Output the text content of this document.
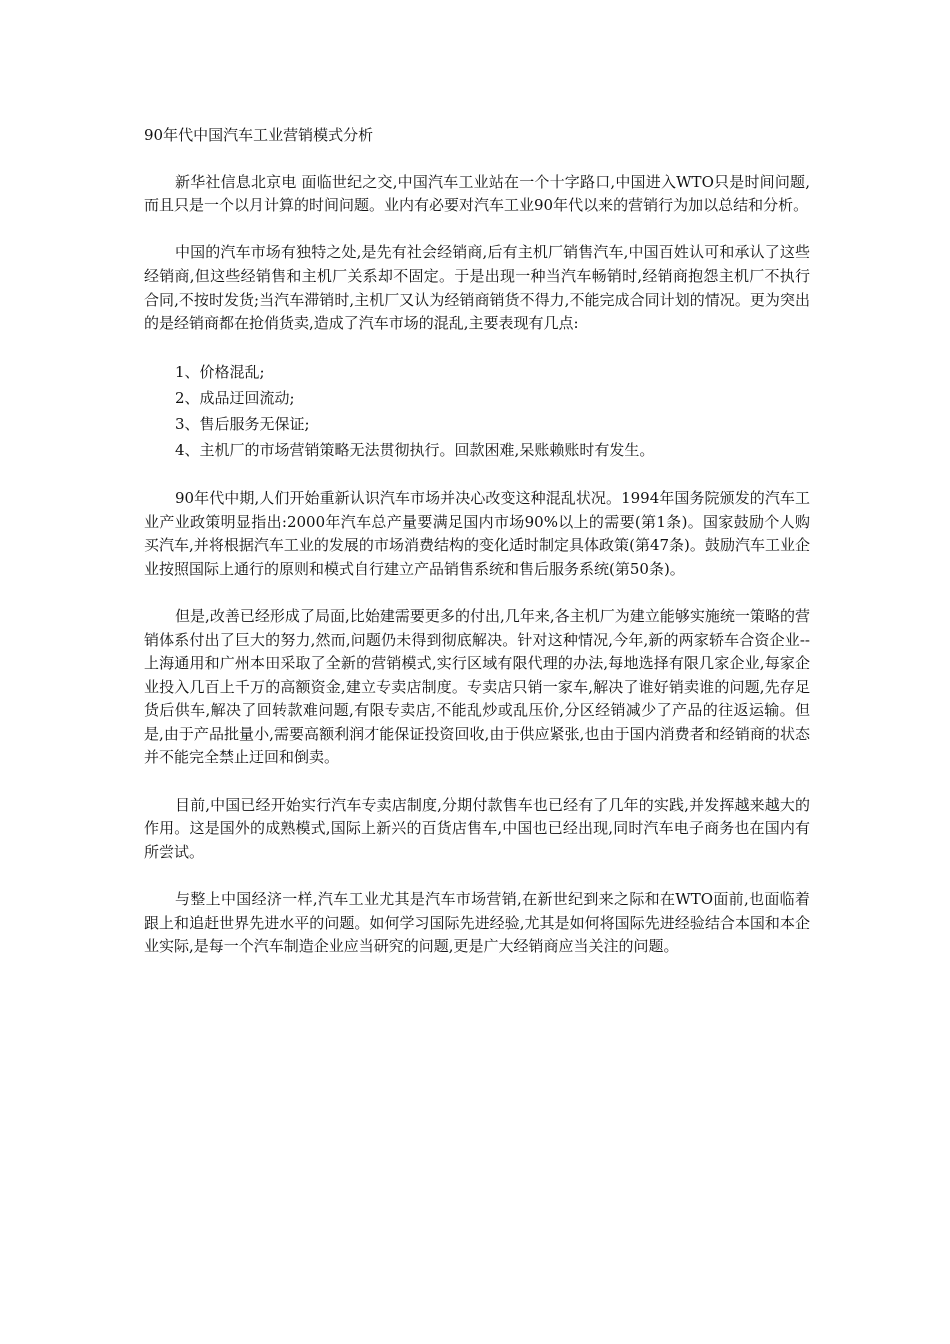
90年代中国汽车工业营销模式分析

新华社信息北京电 面临世纪之交,中国汽车工业站在一个十字路口,中国进入WTO只是时间问题,而且只是一个以月计算的时间问题。业内有必要对汽车工业90年代以来的营销行为加以总结和分析。

中国的汽车市场有独特之处,是先有社会经销商,后有主机厂销售汽车,中国百姓认可和承认了这些经销商,但这些经销售和主机厂关系却不固定。于是出现一种当汽车畅销时,经销商抱怨主机厂不执行合同,不按时发货;当汽车滞销时,主机厂又认为经销商销货不得力,不能完成合同计划的情况。更为突出的是经销商都在抢俏货卖,造成了汽车市场的混乱,主要表现有几点:

1、价格混乱;
2、成品迂回流动;
3、售后服务无保证;
4、主机厂的市场营销策略无法贯彻执行。回款困难,呆账赖账时有发生。

90年代中期,人们开始重新认识汽车市场并决心改变这种混乱状况。1994年国务院颁发的汽车工业产业政策明显指出:2000年汽车总产量要满足国内市场90%以上的需要(第1条)。国家鼓励个人购买汽车,并将根据汽车工业的发展的市场消费结构的变化适时制定具体政策(第47条)。鼓励汽车工业企业按照国际上通行的原则和模式自行建立产品销售系统和售后服务系统(第50条)。

但是,改善已经形成了局面,比始建需要更多的付出,几年来,各主机厂为建立能够实施统一策略的营销体系付出了巨大的努力,然而,问题仍未得到彻底解决。针对这种情况,今年,新的两家轿车合资企业--上海通用和广州本田采取了全新的营销模式,实行区域有限代理的办法,每地选择有限几家企业,每家企业投入几百上千万的高额资金,建立专卖店制度。专卖店只销一家车,解决了谁好销卖谁的问题,先存足货后供车,解决了回转款难问题,有限专卖店,不能乱炒或乱压价,分区经销减少了产品的往返运输。但是,由于产品批量小,需要高额利润才能保证投资回收,由于供应紧张,也由于国内消费者和经销商的状态并不能完全禁止迂回和倒卖。

目前,中国已经开始实行汽车专卖店制度,分期付款售车也已经有了几年的实践,并发挥越来越大的作用。这是国外的成熟模式,国际上新兴的百货店售车,中国也已经出现,同时汽车电子商务也在国内有所尝试。

与整上中国经济一样,汽车工业尤其是汽车市场营销,在新世纪到来之际和在WTO面前,也面临着跟上和追赶世界先进水平的问题。如何学习国际先进经验,尤其是如何将国际先进经验结合本国和本企业实际,是每一个汽车制造企业应当研究的问题,更是广大经销商应当关注的问题。
